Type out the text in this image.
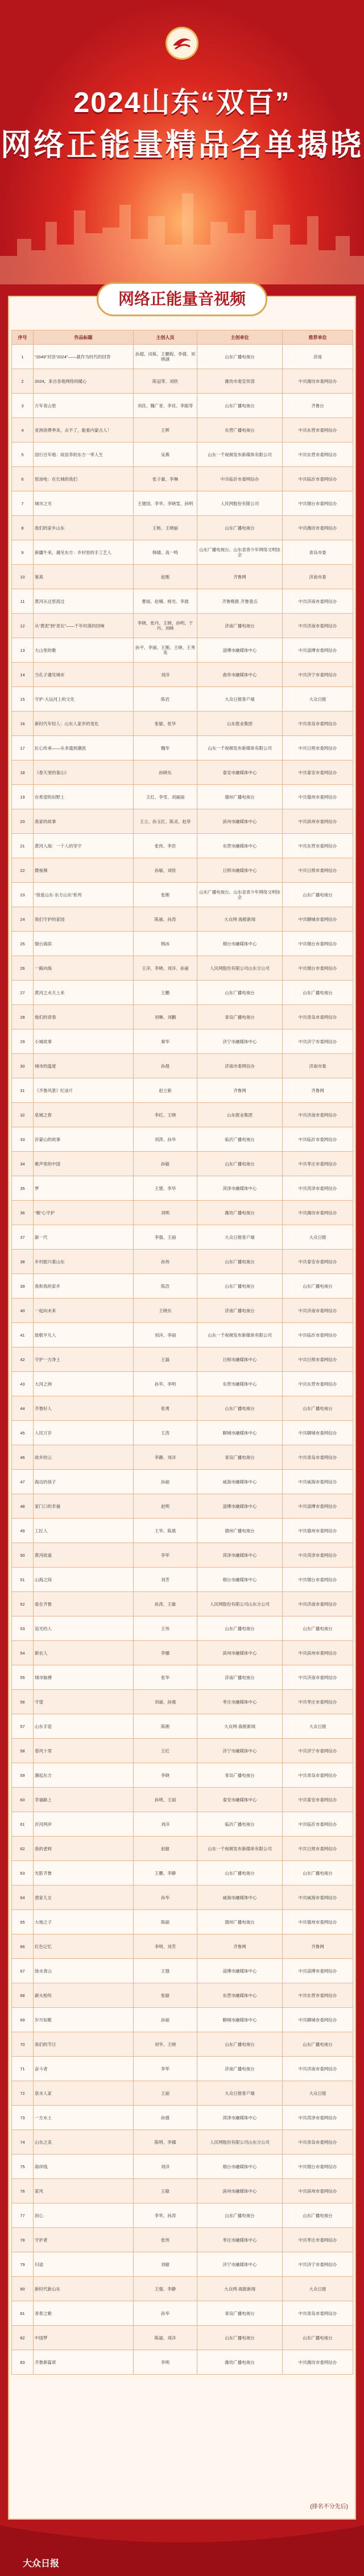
2024山东“双百”
网络正能量精品名单揭晓
网络正能量音视频
序号	作品标题	主创人员	主创单位	推荐单位
1	“2049”对话“2024”——就作为时代的回答	孙超、田栋、王鹏程、李倩、刘晓涵	山东广播电视台	济南
2	2024，来自各地网络的暖心	陈冠等、刘欣	潍坊市委宣传部	中共潍坊市委网信办
3	万年青山里	刘佳、魏广青、李佳、李振等	山东广播电视台	齐鲁台
4	亚洲消费季来，去不了，能看内蒙古人！	王辉	东营广播电视台	中共东营市委网信办
5	国行百年地：故居养的东方一带人生	吴燕	山东一千视频发布新媒体有限公司	中共东营市委网信办
6	原油电：在长城的我们	张子豪、李琳	中共临沂市委网信办	中共临沂市委网信办
7	城市之光	王建国、李华、李晓雯、孙明	人民网股份有限公司	中共烟台市委网信办
8	我们的家乡山东	王彬、王晓丽	山东广播电视台	中共潍坊市委网信办
9	新疆牛来，遇见东方：乡村里的手工艺人	韩婧、高一鸣	山东广播电视台、山东省青少年网络文明协会	青岛市委
10	鉴真	赵刚	齐鲁网	济南市委
11	黄河从这里流过	曹丽、赵楠、杨光、李晨	齐鲁晚报·齐鲁壹点	中共济南市委网信办
12	从“黄泥”到“青瓦”——千年村落的回响	李晓、张丹、王晓、孙明、于丹、刘峰	济南广播电视台	中共济南市委网信办
13	大山里的歌	孙平、李丽、王刚、王晓、王秀英	淄博市融媒体中心	中共淄博市委网信办
14	当孔子遇见城市	刘洋	曲阜市融媒体中心	中共济宁市委网信办
15	守护·大运河上的文化	陈岩	大众日报客户端	大众日报
16	新时代年轻人：山东人家乡的变化	张敏、张华	山东报业集团	中共青岛市委网信办
17	匠心传承——从非遗到潮流	魏华	山东一千视频发布新媒体有限公司	中共日照市委网信办
18	《春天里的泰山》	孙晓东	泰安市融媒体中心	中共泰安市委网信办
19	在希望的田野上	王红、李雪、刘丽丽	德州广播电视台	中共德州市委网信办
20	我家的故事	王立、孙玉红、陈灵、赵菲	滨州市融媒体中心	中共滨州市委网信办
21	黄河入海：一个人的坚守	张伟、李岩	东营市融媒体中心	中共东营市委网信办
22	微视频	孙敏、刘欣	日照市融媒体中心	中共日照市委网信办
23	“我爱山东·东方山东”系列	张刚	山东广播电视台、山东省青少年网络文明协会	山东广播电视台
24	我们守护的家园	陈丽、孙涛	大众网·海报新闻	中共聊城市委网信办
25	烟台海滨	韩冰	烟台市融媒体中心	中共烟台市委网信办
26	一路向海	王洋、李晓、刘洋、孙丽	人民网股份有限公司山东分公司	中共烟台市委网信办
27	黄河之水天上来	王鹏	山东广播电视台	山东广播电视台
28	他们的青春	刘琳、刘鹏	青岛广播电视台	中共青岛市委网信办
29	小城故事	秦华	济宁市融媒体中心	中共济宁市委网信办
30	城市的温度	孙晨	济南市委网信办	济南市委
31	《齐鲁风景》纪录片	赵立新	齐鲁网	齐鲁网
32	泉城之春	李红、王晓	山东报业集团	中共济南市委网信办
33	沂蒙山的故事	刘涛、孙华	临沂广播电视台	中共临沂市委网信办
34	歌声里的中国	孙敏	山东广播电视台	中共枣庄市委网信办
35	梦	王建、李华	菏泽市融媒体中心	中共菏泽市委网信办
36	“粮”心守护	刘明	潍坊广播电视台	中共潍坊市委网信办
37	新一代	李强、王丽	大众日报客户端	大众日报
38	乡村振兴看山东	孙伟	山东广播电视台	中共泰安市委网信办
39	我和我的家乡	陈浩	山东广播电视台	山东广播电视台
40	一起向未来	王晓东	济南广播电视台	中共济南市委网信办
41	致敬平凡人	刘洋、李丽	山东一千视频发布新媒体有限公司	中共临沂市委网信办
42	守护一方净土	王磊	日照市融媒体中心	中共日照市委网信办
43	大河之洲	孙华、李明	东营市融媒体中心	中共东营市委网信办
44	齐鲁好人	张勇	山东广播电视台	山东广播电视台
45	人民万岁	王涛	聊城市融媒体中心	中共聊城市委网信办
46	故乡的云	李静、刘洋	青岛广播电视台	中共青岛市委网信办
47	海边的孩子	孙丽	威海市融媒体中心	中共威海市委网信办
48	家门口的幸福	赵明	淄博市融媒体中心	中共淄博市委网信办
49	工匠人	王华、陈晨	德州广播电视台	中共德州市委网信办
50	黄河故道	李军	菏泽市融媒体中心	中共菏泽市委网信办
51	山海之间	刘芳	烟台市融媒体中心	中共烟台市委网信办
52	爱在齐鲁	孙涛、王敏	人民网股份有限公司山东分公司	中共济南市委网信办
53	追光的人	王伟	山东广播电视台	山东广播电视台
54	新农人	李娜	滨州市融媒体中心	中共滨州市委网信办
55	城市脉搏	张华	济南广播电视台	中共济南市委网信办
56	守望	刘丽、孙强	枣庄市融媒体中心	中共枣庄市委网信办
57	山东手造	陈刚	大众网·海报新闻	大众日报
58	春风十里	王红	济宁市融媒体中心	中共济宁市委网信办
59	潮起东方	李晓	青岛广播电视台	中共青岛市委网信办
60	幸福路上	孙明、王丽	泰安市融媒体中心	中共泰安市委网信办
61	沂河两岸	刘洋	临沂广播电视台	中共临沂市委网信办
62	我的老师	赵敏	山东一千视频发布新媒体有限公司	中共日照市委网信办
63	光影齐鲁	王鹏、李静	山东广播电视台	山东广播电视台
64	渔家儿女	孙华	威海市融媒体中心	中共威海市委网信办
65	大地之子	陈丽	德州广播电视台	中共德州市委网信办
66	红色记忆	李明、刘芳	齐鲁网	齐鲁网
67	绿水青山	王强	淄博市融媒体中心	中共淄博市委网信办
68	薪火相传	张敏	东营市融媒体中心	中共东营市委网信办
69	岁月如歌	孙丽	聊城市融媒体中心	中共聊城市委网信办
70	我们的节日	刘华、王晓	山东广播电视台	山东广播电视台
71	奋斗者	李军	济南广播电视台	中共济南市委网信办
72	泉水人家	王丽	大众日报客户端	大众日报
73	一方水土	孙强	菏泽市融媒体中心	中共菏泽市委网信办
74	山东之美	陈明、李娜	人民网股份有限公司山东分公司	中共青岛市委网信办
75	海岸线	刘洋	烟台市融媒体中心	中共烟台市委网信办
76	家风	王敏	滨州市融媒体中心	中共滨州市委网信办
77	初心	李华、孙涛	山东广播电视台	山东广播电视台
78	守护者	张伟	枣庄市融媒体中心	中共枣庄市委网信办
79	归途	刘敏	济宁市融媒体中心	中共济宁市委网信办
80	新时代新山东	王强、李静	大众网·海报新闻	大众日报
81	青春之歌	孙华	青岛广播电视台	中共青岛市委网信办
82	中国梦	陈丽、刘洋	山东广播电视台	山东广播电视台
83	齐鲁新篇章	李明	潍坊广播电视台	中共潍坊市委网信办
(排名不分先后)
大众日报
